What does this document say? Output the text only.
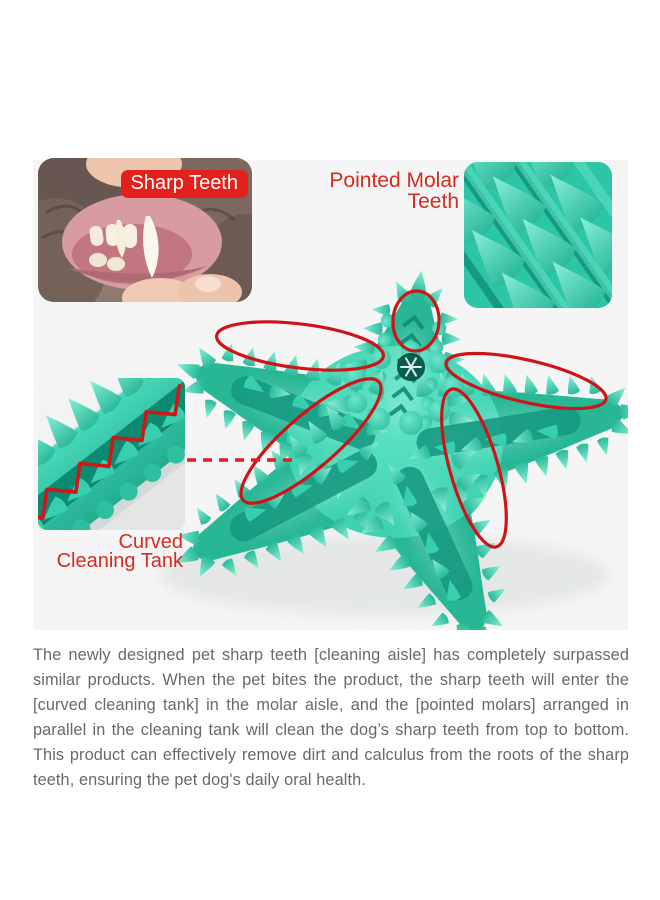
Sharp Teeth	Pointed Molar Teeth
Curved Cleaning Tank
The newly designed pet sharp teeth [cleaning aisle] has completely surpassed similar products. When the pet bites the product, the sharp teeth will enter the [curved cleaning tank] in the molar aisle, and the [pointed molars] arranged in parallel in the cleaning tank will clean the dog’s sharp teeth from top to bottom. This product can effectively remove dirt and calculus from the roots of the sharp teeth, ensuring the pet dog's daily oral health.
